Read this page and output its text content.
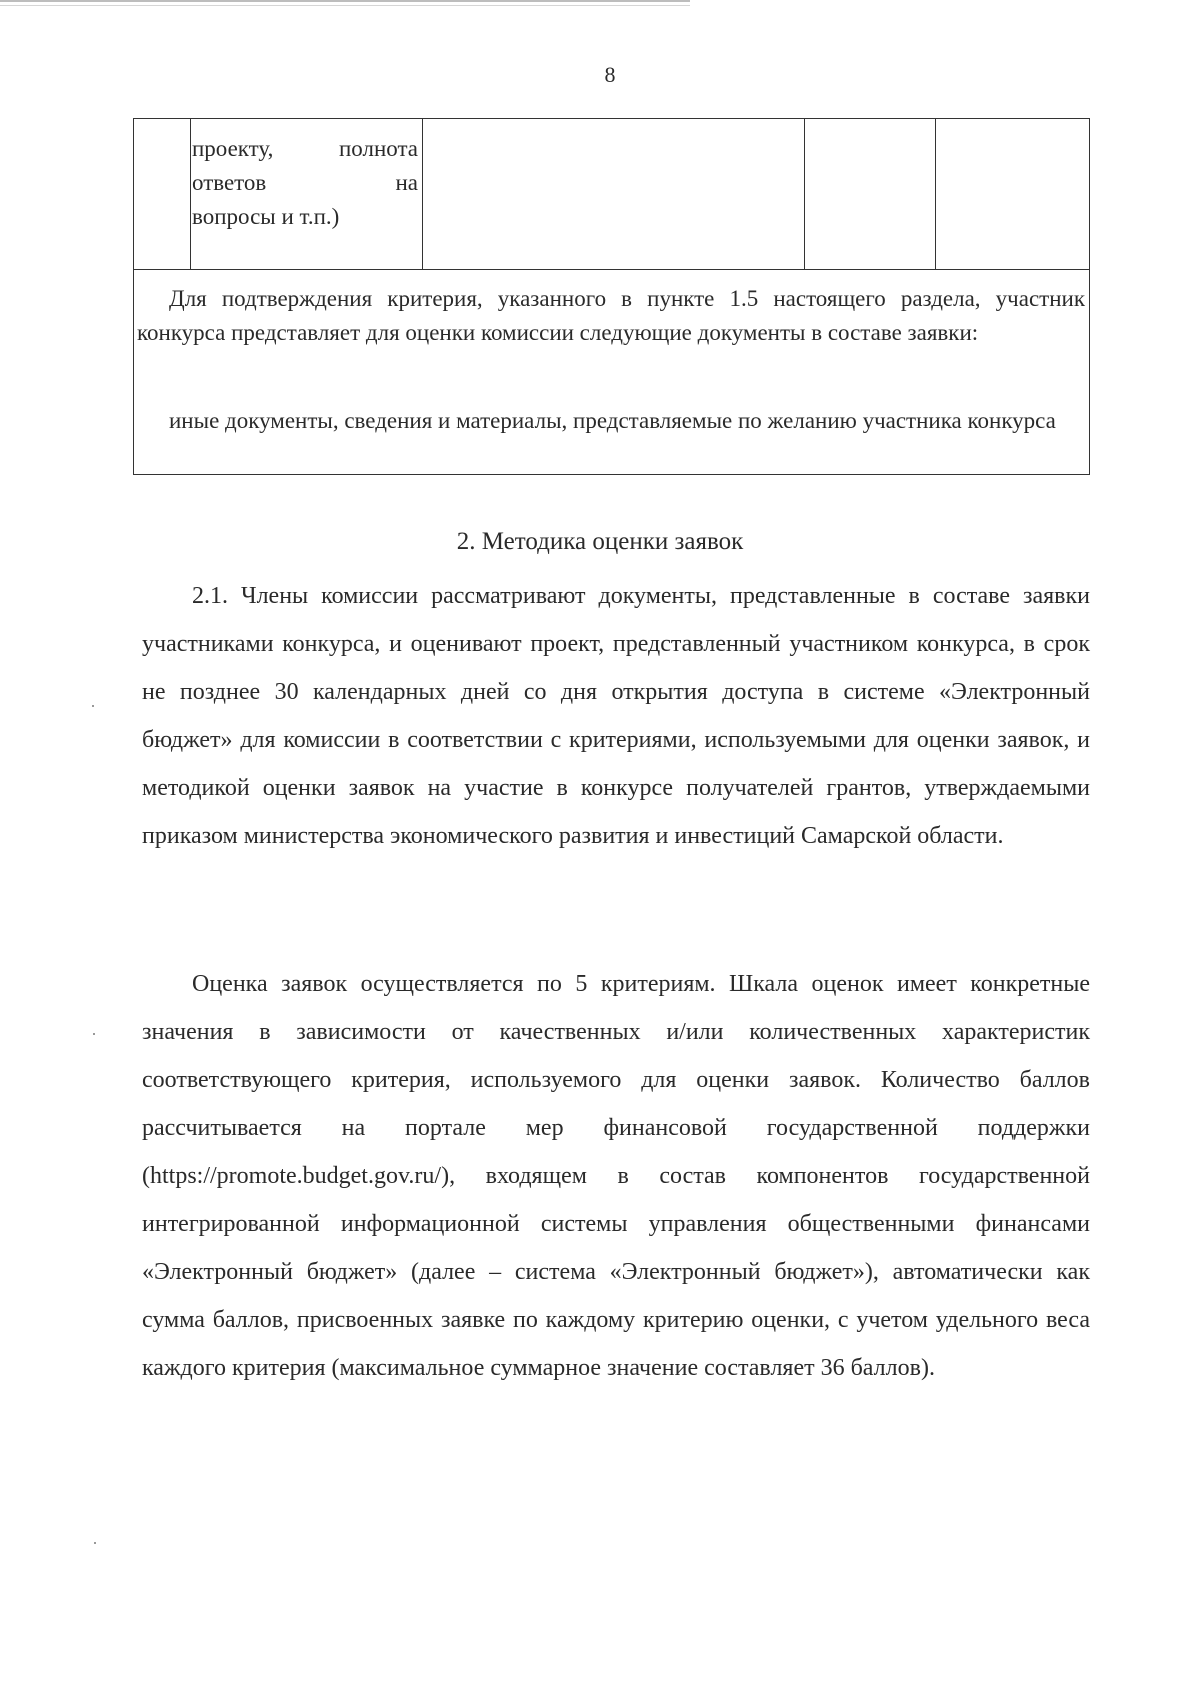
8
проекту,	полнота
ответов	на
вопросы и т.п.)
Для подтверждения критерия, указанного в пункте 1.5 настоящего раздела, участник конкурса представляет для оценки комиссии следующие документы в составе заявки:
иные документы, сведения и материалы, представляемые по желанию участника конкурса
2. Методика оценки заявок
2.1. Члены комиссии рассматривают документы, представленные в составе заявки участниками конкурса, и оценивают проект, представленный участником конкурса, в срок не позднее 30 календарных дней со дня открытия доступа в системе «Электронный бюджет» для комиссии в соответствии с критериями, используемыми для оценки заявок, и методикой оценки заявок на участие в конкурсе получателей грантов, утверждаемыми приказом министерства экономического развития и инвестиций Самарской области.
Оценка заявок осуществляется по 5 критериям. Шкала оценок имеет конкретные значения в зависимости от качественных и/или количественных характеристик соответствующего критерия, используемого для оценки заявок. Количество баллов рассчитывается на портале мер финансовой государственной поддержки (https://promote.budget.gov.ru/), входящем в состав компонентов государственной интегрированной информационной системы управления общественными финансами «Электронный бюджет» (далее – система «Электронный бюджет»), автоматически как сумма баллов, присвоенных заявке по каждому критерию оценки, с учетом удельного веса каждого критерия (максимальное суммарное значение составляет 36 баллов).
